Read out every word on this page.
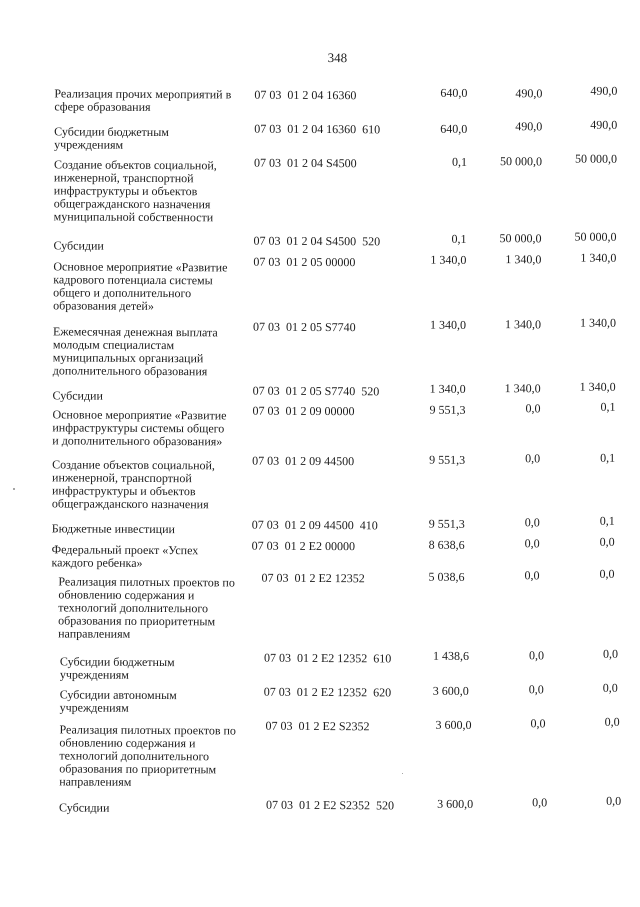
348
Реализация прочих мероприятий в
сфере образования
07 03  01 2 04 16360	640,0	490,0	490,0
Субсидии бюджетным
учреждениям
07 03  01 2 04 16360  610	640,0	490,0	490,0
Создание объектов социальной,
инженерной, транспортной
инфраструктуры и объектов
общегражданского назначения
муниципальной собственности
07 03  01 2 04 S4500	0,1	50 000,0	50 000,0
Субсидии	07 03  01 2 04 S4500  520	0,1	50 000,0	50 000,0
Основное мероприятие «Развитие
кадрового потенциала системы
общего и дополнительного
образования детей»
07 03  01 2 05 00000	1 340,0	1 340,0	1 340,0
Ежемесячная денежная выплата
молодым специалистам
муниципальных организаций
дополнительного образования
07 03  01 2 05 S7740	1 340,0	1 340,0	1 340,0
Субсидии	07 03  01 2 05 S7740  520	1 340,0	1 340,0	1 340,0
Основное мероприятие «Развитие
инфраструктуры системы общего
и дополнительного образования»
07 03  01 2 09 00000	9 551,3	0,0	0,1
Создание объектов социальной,
инженерной, транспортной
инфраструктуры и объектов
общегражданского назначения
07 03  01 2 09 44500	9 551,3	0,0	0,1
Бюджетные инвестиции	07 03  01 2 09 44500  410	9 551,3	0,0	0,1
Федеральный проект «Успех
каждого ребенка»
07 03  01 2 E2 00000	8 638,6	0,0	0,0
Реализация пилотных проектов по
обновлению содержания и
технологий дополнительного
образования по приоритетным
направлениям
07 03  01 2 E2 12352	5 038,6	0,0	0,0
Субсидии бюджетным
учреждениям
07 03  01 2 E2 12352  610	1 438,6	0,0	0,0
Субсидии автономным
учреждениям
07 03  01 2 E2 12352  620	3 600,0	0,0	0,0
Реализация пилотных проектов по
обновлению содержания и
технологий дополнительного
образования по приоритетным
направлениям
07 03  01 2 E2 S2352	3 600,0	0,0	0,0
Субсидии	07 03  01 2 E2 S2352  520	3 600,0	0,0	0,0
